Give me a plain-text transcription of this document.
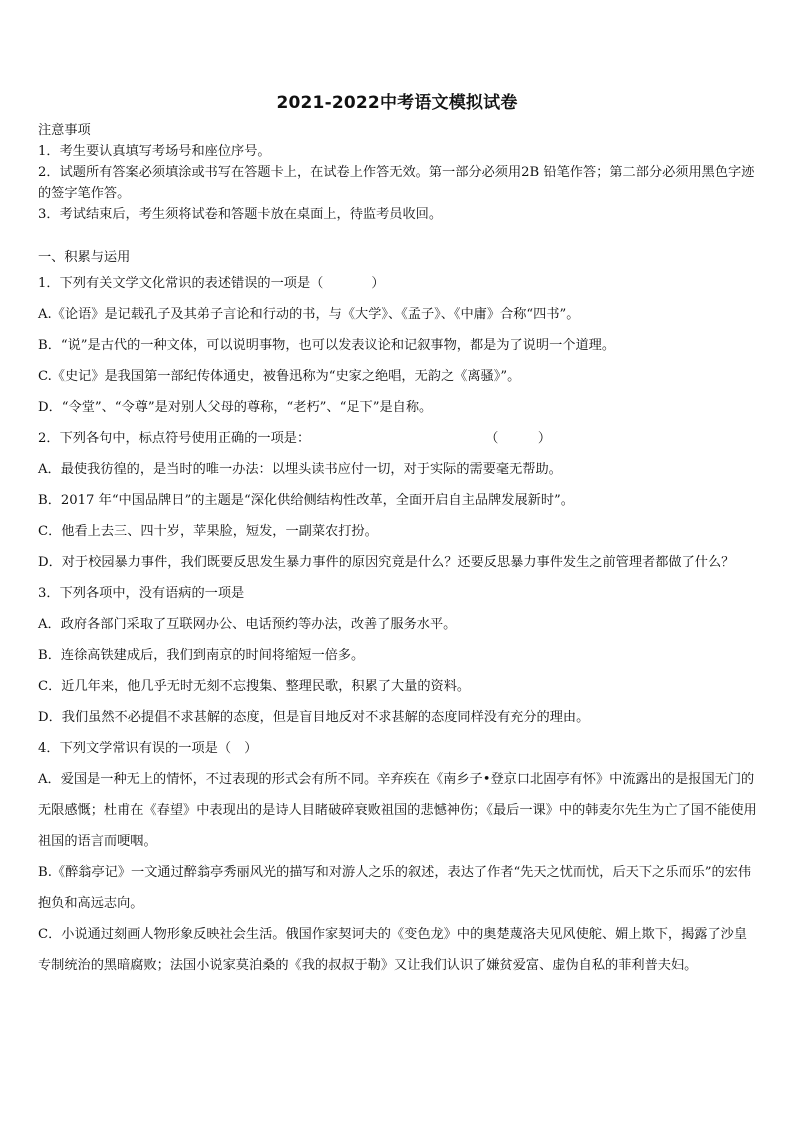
2021-2022中考语文模拟试卷
注意事项
1．考生要认真填写考场号和座位序号。
2．试题所有答案必须填涂或书写在答题卡上，在试卷上作答无效。第一部分必须用2B 铅笔作答；第二部分必须用黑色字迹的签字笔作答。
3．考试结束后，考生须将试卷和答题卡放在桌面上，待监考员收回。
一、积累与运用
1．下列有关文学文化常识的表述错误的一项是（	）
A.《论语》是记载孔子及其弟子言论和行动的书，与《大学》、《孟子》、《中庸》合称“四书”。
B．“说”是古代的一种文体，可以说明事物，也可以发表议论和记叙事物，都是为了说明一个道理。
C.《史记》是我国第一部纪传体通史，被鲁迅称为“史家之绝唱，无韵之《离骚》”。
D．“令堂”、“令尊”是对别人父母的尊称，“老朽”、“足下”是自称。
2．下列各句中，标点符号使用正确的一项是：	（　　　）
A．最使我彷徨的，是当时的唯一办法：以埋头读书应付一切，对于实际的需要毫无帮助。
B．2017 年“中国品牌日”的主题是“深化供给侧结构性改革，全面开启自主品牌发展新时”。
C．他看上去三、四十岁，苹果脸，短发，一副菜农打扮。
D．对于校园暴力事件，我们既要反思发生暴力事件的原因究竟是什么？还要反思暴力事件发生之前管理者都做了什么？
3．下列各项中，没有语病的一项是
A．政府各部门采取了互联网办公、电话预约等办法，改善了服务水平。
B．连徐高铁建成后，我们到南京的时间将缩短一倍多。
C．近几年来，他几乎无时无刻不忘搜集、整理民歌，积累了大量的资料。
D．我们虽然不必提倡不求甚解的态度，但是盲目地反对不求甚解的态度同样没有充分的理由。
4．下列文学常识有误的一项是（　）
A．爱国是一种无上的情怀，不过表现的形式会有所不同。辛弃疾在《南乡子•登京口北固亭有怀》中流露出的是报国无门的无限感慨；杜甫在《春望》中表现出的是诗人目睹破碎衰败祖国的悲憾神伤；《最后一课》中的韩麦尔先生为亡了国不能使用祖国的语言而哽咽。
B.《醉翁亭记》一文通过醉翁亭秀丽风光的描写和对游人之乐的叙述，表达了作者“先天之忧而忧，后天下之乐而乐”的宏伟抱负和高远志向。
C．小说通过刻画人物形象反映社会生活。俄国作家契诃夫的《变色龙》中的奥楚蔑洛夫见风使舵、媚上欺下，揭露了沙皇专制统治的黑暗腐败；法国小说家莫泊桑的《我的叔叔于勒》又让我们认识了嫌贫爱富、虚伪自私的菲利普夫妇。
